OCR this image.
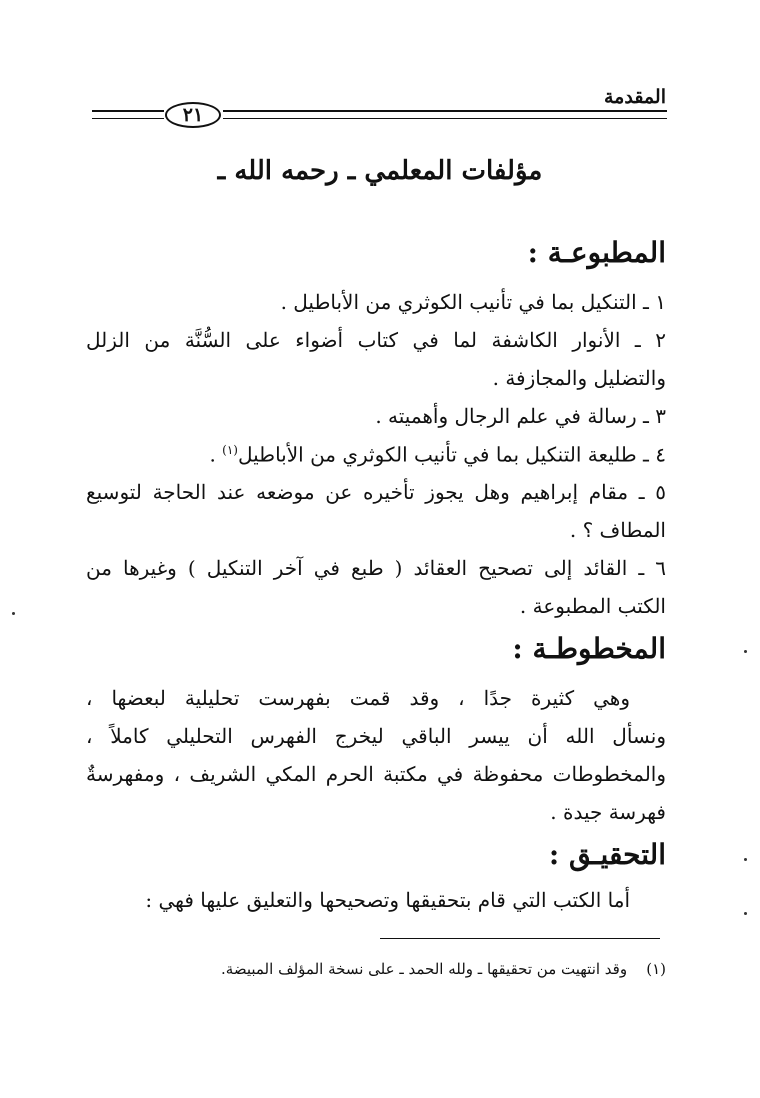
المقدمة
٢١
مؤلفات المعلمي ـ رحمه الله ـ
المطبوعـة :
١ ـ التنكيل بما في تأنيب الكوثري من الأباطيل .
٢ ـ الأنوار الكاشفة لما في كتاب أضواء على السُّنَّة من الزلل
والتضليل والمجازفة .
٣ ـ رسالة في علم الرجال وأهميته .
٤ ـ طليعة التنكيل بما في تأنيب الكوثري من الأباطيل$^{(١)}$ .
٥ ـ مقام إبراهيم وهل يجوز تأخيره عن موضعه عند الحاجة لتوسيع
المطاف ؟ .
٦ ـ القائد إلى تصحيح العقائد ( طبع في آخر التنكيل ) وغيرها من
الكتب المطبوعة .
المخطوطـة :
وهي كثيرة جدًا ، وقد قمت بفهرست تحليلية لبعضها ،
ونسأل الله أن ييسر الباقي ليخرج الفهرس التحليلي كاملاً ،
والمخطوطات محفوظة في مكتبة الحرم المكي الشريف ، ومفهرسةٌ
فهرسة جيدة .
التحقيـق :
أما الكتب التي قام بتحقيقها وتصحيحها والتعليق عليها فهي :
(١)    وقد انتهيت من تحقيقها ـ ولله الحمد ـ على نسخة المؤلف المبيضة.
